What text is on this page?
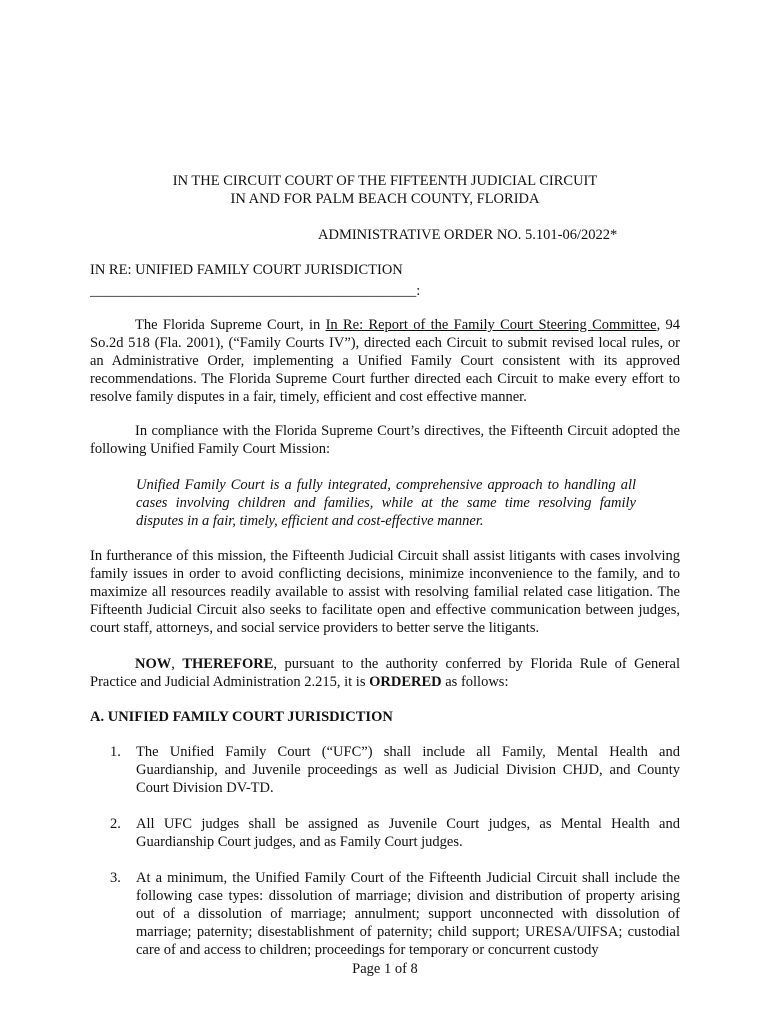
IN THE CIRCUIT COURT OF THE FIFTEENTH JUDICIAL CIRCUIT
IN AND FOR PALM BEACH COUNTY, FLORIDA
ADMINISTRATIVE ORDER NO. 5.101-06/2022*
IN RE: UNIFIED FAMILY COURT JURISDICTION
_____________________________________________:
The Florida Supreme Court, in In Re: Report of the Family Court Steering Committee, 94 So.2d 518 (Fla. 2001), (“Family Courts IV”), directed each Circuit to submit revised local rules, or an Administrative Order, implementing a Unified Family Court consistent with its approved recommendations. The Florida Supreme Court further directed each Circuit to make every effort to resolve family disputes in a fair, timely, efficient and cost effective manner.
In compliance with the Florida Supreme Court’s directives, the Fifteenth Circuit adopted the following Unified Family Court Mission:
Unified Family Court is a fully integrated, comprehensive approach to handling all cases involving children and families, while at the same time resolving family disputes in a fair, timely, efficient and cost-effective manner.
In furtherance of this mission, the Fifteenth Judicial Circuit shall assist litigants with cases involving family issues in order to avoid conflicting decisions, minimize inconvenience to the family, and to maximize all resources readily available to assist with resolving familial related case litigation. The Fifteenth Judicial Circuit also seeks to facilitate open and effective communication between judges, court staff, attorneys, and social service providers to better serve the litigants.
NOW, THEREFORE, pursuant to the authority conferred by Florida Rule of General Practice and Judicial Administration 2.215, it is ORDERED as follows:
A. UNIFIED FAMILY COURT JURISDICTION
1.	The Unified Family Court (“UFC”) shall include all Family, Mental Health and Guardianship, and Juvenile proceedings as well as Judicial Division CHJD, and County Court Division DV-TD.
2.	All UFC judges shall be assigned as Juvenile Court judges, as Mental Health and Guardianship Court judges, and as Family Court judges.
3.	At a minimum, the Unified Family Court of the Fifteenth Judicial Circuit shall include the following case types: dissolution of marriage; division and distribution of property arising out of a dissolution of marriage; annulment; support unconnected with dissolution of marriage; paternity; disestablishment of paternity; child support; URESA/UIFSA; custodial care of and access to children; proceedings for temporary or concurrent custody
Page 1 of 8
